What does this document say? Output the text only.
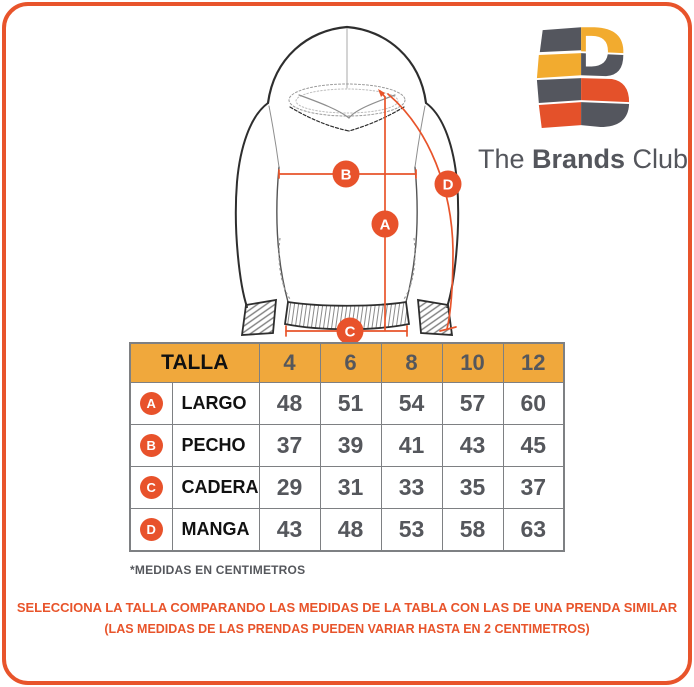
B
A
D
C
The Brands Club
TALLA		4	6	8	10	12
A	LARGO	48	51	54	57	60
B	PECHO	37	39	41	43	45
C	CADERA	29	31	33	35	37
D	MANGA	43	48	53	58	63
*MEDIDAS EN CENTIMETROS
SELECCIONA LA TALLA COMPARANDO LAS MEDIDAS DE LA TABLA CON LAS DE UNA PRENDA SIMILAR
(LAS MEDIDAS DE LAS PRENDAS PUEDEN VARIAR HASTA EN 2 CENTIMETROS)
